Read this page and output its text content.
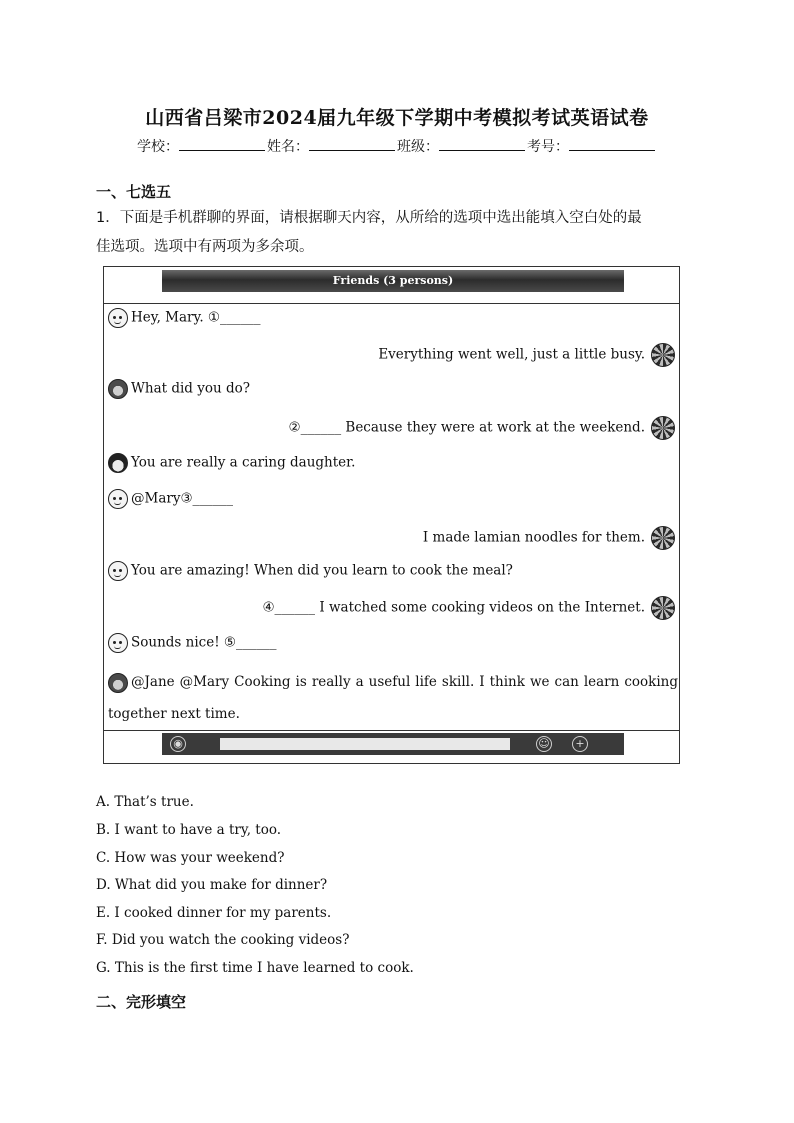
山西省吕梁市2024届九年级下学期中考模拟考试英语试卷
学校：	姓名：	班级：	考号：
一、七选五
1．下面是手机群聊的界面，请根据聊天内容，从所给的选项中选出能填入空白处的最
佳选项。选项中有两项为多余项。
Friends (3 persons)
Hey, Mary. ①______
Everything went well, just a little busy.
What did you do?
②______ Because they were at work at the weekend.
You are really a caring daughter.
@Mary③______
I made lamian noodles for them.
You are amazing! When did you learn to cook the meal?
④______ I watched some cooking videos on the Internet.
Sounds nice! ⑤______
@Jane @Mary Cooking is really a useful life skill. I think we can learn cooking together next time.
◉	☺	+
A. That’s true.
B. I want to have a try, too.
C. How was your weekend?
D. What did you make for dinner?
E. I cooked dinner for my parents.
F. Did you watch the cooking videos?
G. This is the first time I have learned to cook.
二、完形填空
